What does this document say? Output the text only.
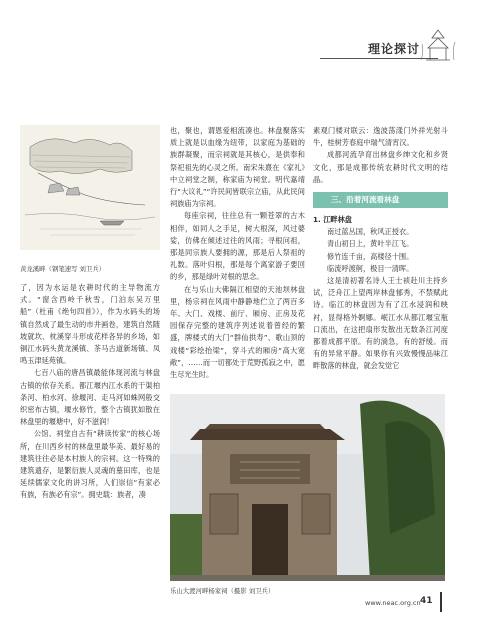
理论探讨
黄龙溪畔（钢笔速写 刘卫兵）
乐山大渡河畔杨家祠（摄影 刘卫兵）

了，因为水运是农耕时代的主导物流方式。“窗含西岭千秋雪，门泊东吴万里船”（杜甫《绝句四首》），作为水码头的场镇自然成了最生动的市井画卷，建筑自然随坡就坎、枕溪穿斗形成花样各异的乡场，如铜江水码头黄龙溪镇、茶马古道新场镇、凤鸣玉津延苑镇。

七百八庙的唐昌镇最能体现河流与林盘古镇的依存关系。都江堰内江水系的干渠柏条河、柏水河、徐堰河、走马河如蛛网般交织密布古镇，堰水修竹，整个古镇犹如散在林盘里的堰塘中，好不滋润！

公馆、祠堂自古有“耕读传家”的核心场所，在川西乡村的林盘里最华美、最好易的建筑往往必是本村族人的宗祠。这一特殊的建筑遗存，是繁衍族人灵魂的墓田库，也是延续儒家文化的讲习所，人们崇信“有家必有族，有族必有宗”。拥史载：族者，凑

也，聚也，谓恩爱相流凑也。林盘聚落实质上就是以血缘为纽带，以家庭为基础的族群凝聚，而宗祠就是其核心，是供奉和祭祀祖先的心灵之所。南宋朱熹在《家礼》中立祠堂之制，称家庙为祠堂。明代嘉靖行“大议礼”“许民间皆联宗立庙，从此民间祠族庙为宗祠。

每座宗祠，往往总有一颗苍翠的古木相伴，如同人之手足，树大根深，风过婆娑，仿佛在倾述过往的风雨；寻根问祖，那是同宗族人要拥的源，那是后人祭祖的礼数。落叶归根，那是每个离家游子要回的乡，那是绿叶对根的思念。

在与乐山大佛隔江相望的天池坝林盘里，杨宗祠在风雨中静静地伫立了两百多年。大门、戏楼、前厅、厢房、正房及花园保存完整的建筑序列述说着曾经的繁盛，牌楼式的大门“群仙拱寿”、歌山顶的戏楼“彩绘抬梁”，穿斗式的厢房“高大宽敞”，……而一切都处于荒野孤寂之中，愿生尽光生时。

素观门楼对联云：逸波荡漾门外祥光射斗牛，桂树芳春庭中瑞气清宵汉。

成都河流孕育出林盘乡绅文化和乡贤文化，那是成都传统农耕时代文明的结晶。

三、沿着河流看林盘

1. 江畔林盘

南过蓝丛国，秋风正授衣。

青山初日上，黄叶半江飞。

修竹连千亩，高楼径十围。

临流呼渡舸，极目一清晖。

这是清初著名诗人王士祯赴川主持乡试，泛舟江上望两岸林盘郁秀，不禁赋此诗。临江的林盘因为有了江水浸润和映衬，显得格外婀娜。岷江水从都江堰宝瓶口流出，在这把扇形发散出无数条江河度都着成都平原。有的淌急，有的舒缓。而有的异常平静。如果你有兴致慢慢品味江畔散落的林盘，就会发觉它

www.neac.org.cn 41
